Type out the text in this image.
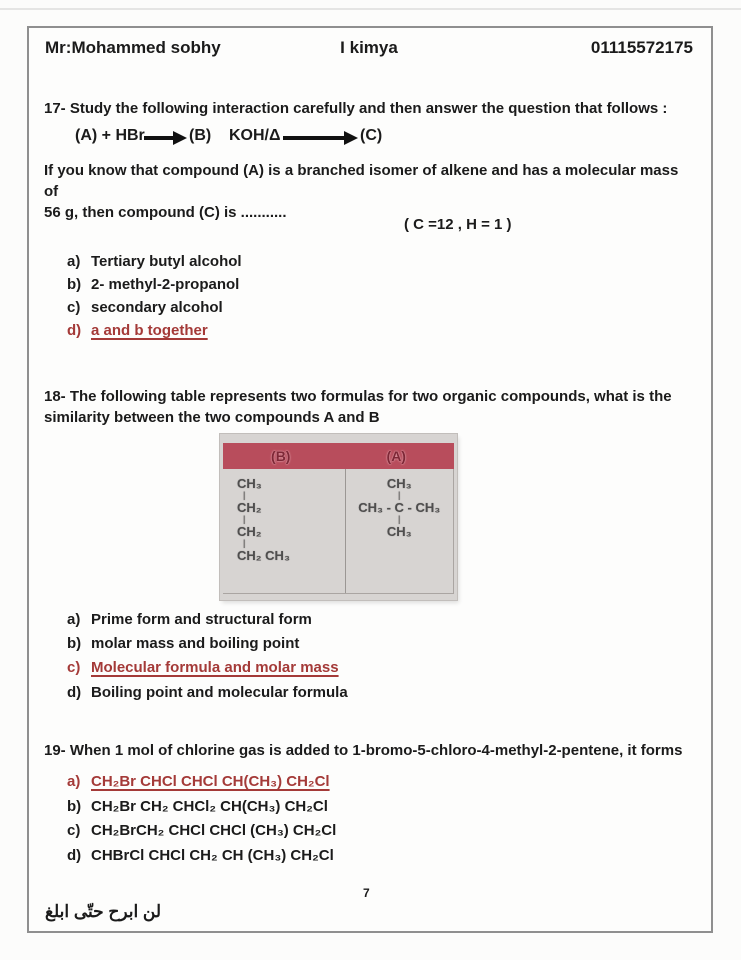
Mr:Mohammed sobhy	I kimya	01115572175
17- Study the following interaction carefully and then answer the question that follows :
(A) + HBr → (B) KOH/Δ	(C)
If you know that compound (A) is a branched isomer of alkene and has a molecular mass of
56 g, then compound (C) is ...........
( C =12 , H = 1 )
a) Tertiary butyl alcohol
b) 2- methyl-2-propanol
c) secondary alcohol
d) a and b together
18- The following table represents two formulas for two organic compounds, what is the
similarity between the two compounds A and B
(B)	(A)
CH₃
|
CH₂
|
CH₂
|
CH₂ CH₃
CH₃
|
CH₃ - C - CH₃
|
CH₃
a) Prime form and structural form
b) molar mass and boiling point
c) Molecular formula and molar mass
d) Boiling point and molecular formula
19- When 1 mol of chlorine gas is added to 1-bromo-5-chloro-4-methyl-2-pentene, it forms
a) CH₂Br CHCl CHCl CH(CH₃) CH₂Cl
b) CH₂Br CH₂ CHCl₂ CH(CH₃) CH₂Cl
c) CH₂BrCH₂ CHCl CHCl (CH₃) CH₂Cl
d) CHBrCl CHCl CH₂ CH (CH₃) CH₂Cl
7
لن ابرح حتّى ابلغ
